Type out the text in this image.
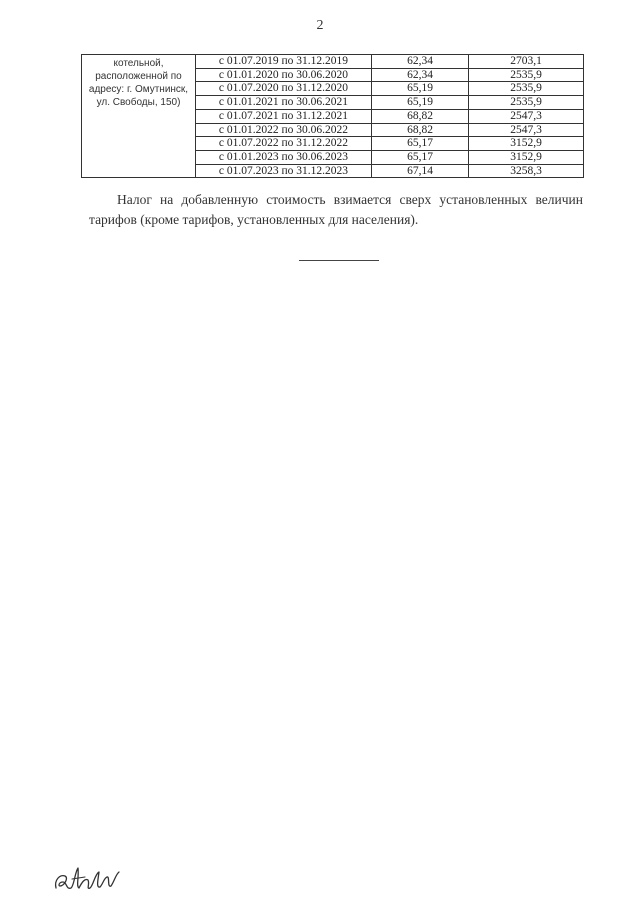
2
котельной,
расположенной по
адресу: г. Омутнинск,
ул. Свободы, 150)	с 01.07.2019 по 31.12.2019	62,34	2703,1
	с 01.01.2020 по 30.06.2020	62,34	2535,9
	с 01.07.2020 по 31.12.2020	65,19	2535,9
	с 01.01.2021 по 30.06.2021	65,19	2535,9
	с 01.07.2021 по 31.12.2021	68,82	2547,3
	с 01.01.2022 по 30.06.2022	68,82	2547,3
	с 01.07.2022 по 31.12.2022	65,17	3152,9
	с 01.01.2023 по 30.06.2023	65,17	3152,9
	с 01.07.2023 по 31.12.2023	67,14	3258,3
Налог на добавленную стоимость взимается сверх установленных величин тарифов (кроме тарифов, установленных для населения).
